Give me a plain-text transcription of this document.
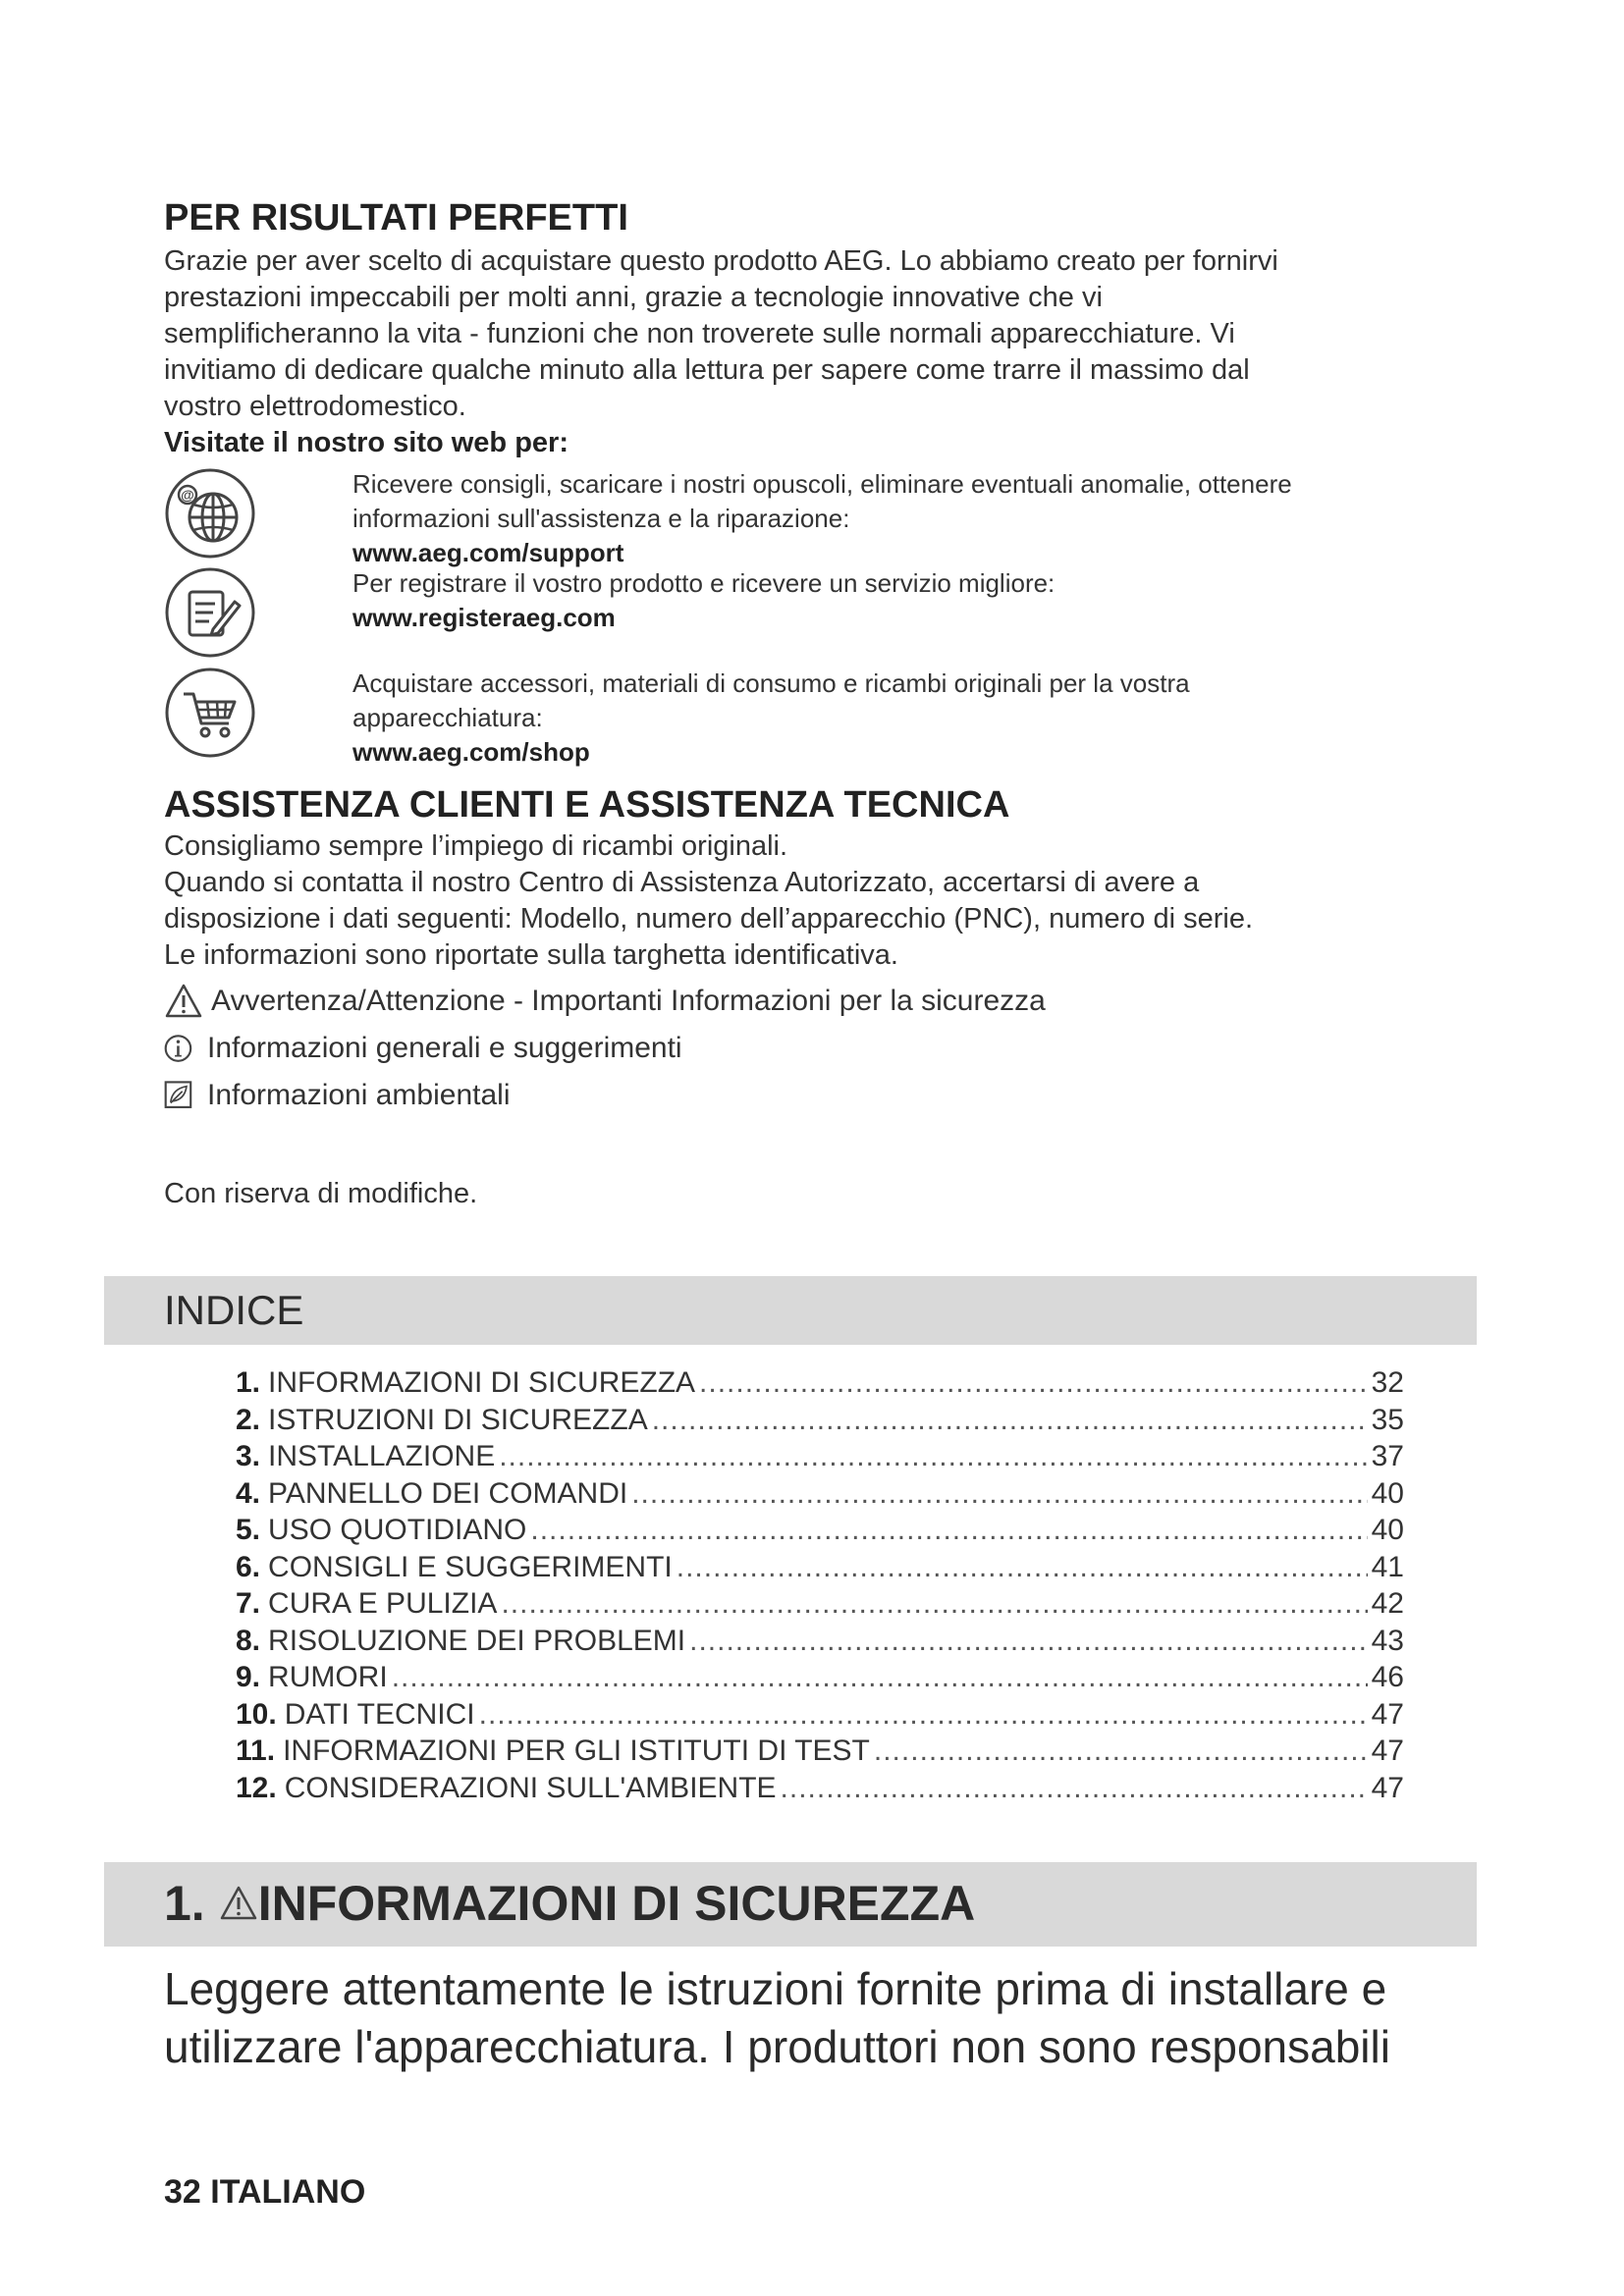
PER RISULTATI PERFETTI

Grazie per aver scelto di acquistare questo prodotto AEG. Lo abbiamo creato per fornirvi

prestazioni impeccabili per molti anni, grazie a tecnologie innovative che vi

semplificheranno la vita - funzioni che non troverete sulle normali apparecchiature. Vi

invitiamo di dedicare qualche minuto alla lettura per sapere come trarre il massimo dal

vostro elettrodomestico.

Visitate il nostro sito web per:

@	Ricevere consigli, scaricare i nostri opuscoli, eliminare eventuali anomalie, ottenere
informazioni sull'assistenza e la riparazione:
www.aeg.com/support
Per registrare il vostro prodotto e ricevere un servizio migliore:
www.registeraeg.com
Acquistare accessori, materiali di consumo e ricambi originali per la vostra
apparecchiatura:
www.aeg.com/shop
ASSISTENZA CLIENTI E ASSISTENZA TECNICA

Consigliamo sempre l’impiego di ricambi originali.

Quando si contatta il nostro Centro di Assistenza Autorizzato, accertarsi di avere a

disposizione i dati seguenti: Modello, numero dell’apparecchio (PNC), numero di serie.

Le informazioni sono riportate sulla targhetta identificativa.

Avvertenza/Attenzione - Importanti Informazioni per la sicurezza
Informazioni generali e suggerimenti
Informazioni ambientali

Con riserva di modifiche.

INDICE
1. INFORMAZIONI DI SICUREZZA .....	32
2. ISTRUZIONI DI SICUREZZA .....	35
3. INSTALLAZIONE .....	37
4. PANNELLO DEI COMANDI .....	40
5. USO QUOTIDIANO .....	40
6. CONSIGLI E SUGGERIMENTI .....	41
7. CURA E PULIZIA .....	42
8. RISOLUZIONE DEI PROBLEMI .....	43
9. RUMORI .....	46
10. DATI TECNICI .....	47
11. INFORMAZIONI PER GLI ISTITUTI DI TEST .....	47
12. CONSIDERAZIONI SULL'AMBIENTE .....	47
1. INFORMAZIONI DI SICUREZZA
Leggere attentamente le istruzioni fornite prima di installare e
utilizzare l'apparecchiatura. I produttori non sono responsabili
32 ITALIANO
